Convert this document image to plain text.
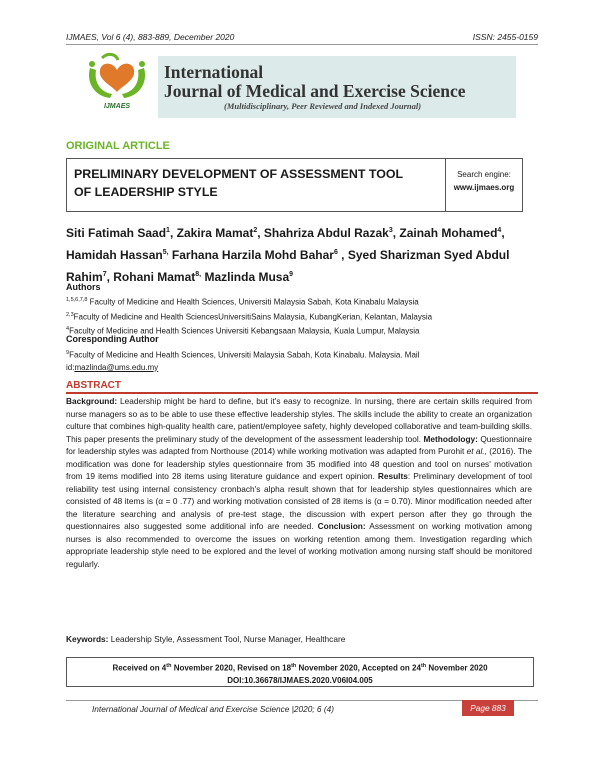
IJMAES, Vol 6 (4), 883-889, December 2020	ISSN: 2455-0159
IJMAES
International
Journal of Medical and Exercise Science
(Multidisciplinary, Peer Reviewed and Indexed Journal)
ORIGINAL ARTICLE
PRELIMINARY DEVELOPMENT OF ASSESSMENT TOOL
OF LEADERSHIP STYLE
Search engine:
www.ijmaes.org
Siti Fatimah Saad$^1$, Zakira Mamat$^2$, Shahriza Abdul Razak$^3$, Zainah Mohamed$^4$,
Hamidah Hassan$^{5,}$ Farhana Harzila Mohd Bahar$^6$ , Syed Sharizman Syed Abdul
Rahim$^7$, Rohani Mamat$^{8,}$ Mazlinda Musa$^9$
Authors
$^{1,5,6,7,8}$ Faculty of Medicine and Health Sciences, Universiti Malaysia Sabah, Kota Kinabalu Malaysia
$^{2,3}$Faculty of Medicine and Health SciencesUniversitiSains Malaysia, KubangKerian, Kelantan, Malaysia
$^4$Faculty of Medicine and Health Sciences Universiti Kebangsaan Malaysia, Kuala Lumpur, Malaysia
Coresponding Author
$^9$Faculty of Medicine and Health Sciences, Universiti Malaysia Sabah, Kota Kinabalu. Malaysia. Mail
id:mazlinda@ums.edu.my
ABSTRACT
Background: Leadership might be hard to define, but it's easy to recognize. In nursing, there are certain skills required from nurse managers so as to be able to use these effective leadership styles. The skills include the ability to create an organization culture that combines high-quality health care, patient/employee safety, highly developed collaborative and team-building skills. This paper presents the preliminary study of the development of the assessment leadership tool. Methodology: Questionnaire for leadership styles was adapted from Northouse (2014) while working motivation was adapted from Purohit et al., (2016). The modification was done for leadership styles questionnaire from 35 modified into 48 question and tool on nurses' motivation from 19 items modified into 28 items using literature guidance and expert opinion. Results: Preliminary development of tool reliability test using internal consistency cronbach's alpha result shown that for leadership styles questionnaires which are consisted of 48 items is (α = 0 .77) and working motivation consisted of 28 items is (α = 0.70). Minor modification needed after the literature searching and analysis of pre-test stage, the discussion with expert person after they go through the questionnaires also suggested some additional info are needed. Conclusion: Assessment on working motivation among nurses is also recommended to overcome the issues on working retention among them. Investigation regarding which appropriate leadership style need to be explored and the level of working motivation among nursing staff should be monitored regularly.
Keywords: Leadership Style, Assessment Tool, Nurse Manager, Healthcare
Received on 4th November 2020, Revised on 18th November 2020, Accepted on 24th November 2020
DOI:10.36678/IJMAES.2020.V06I04.005
International Journal of Medical and Exercise Science |2020; 6 (4)	Page 883
